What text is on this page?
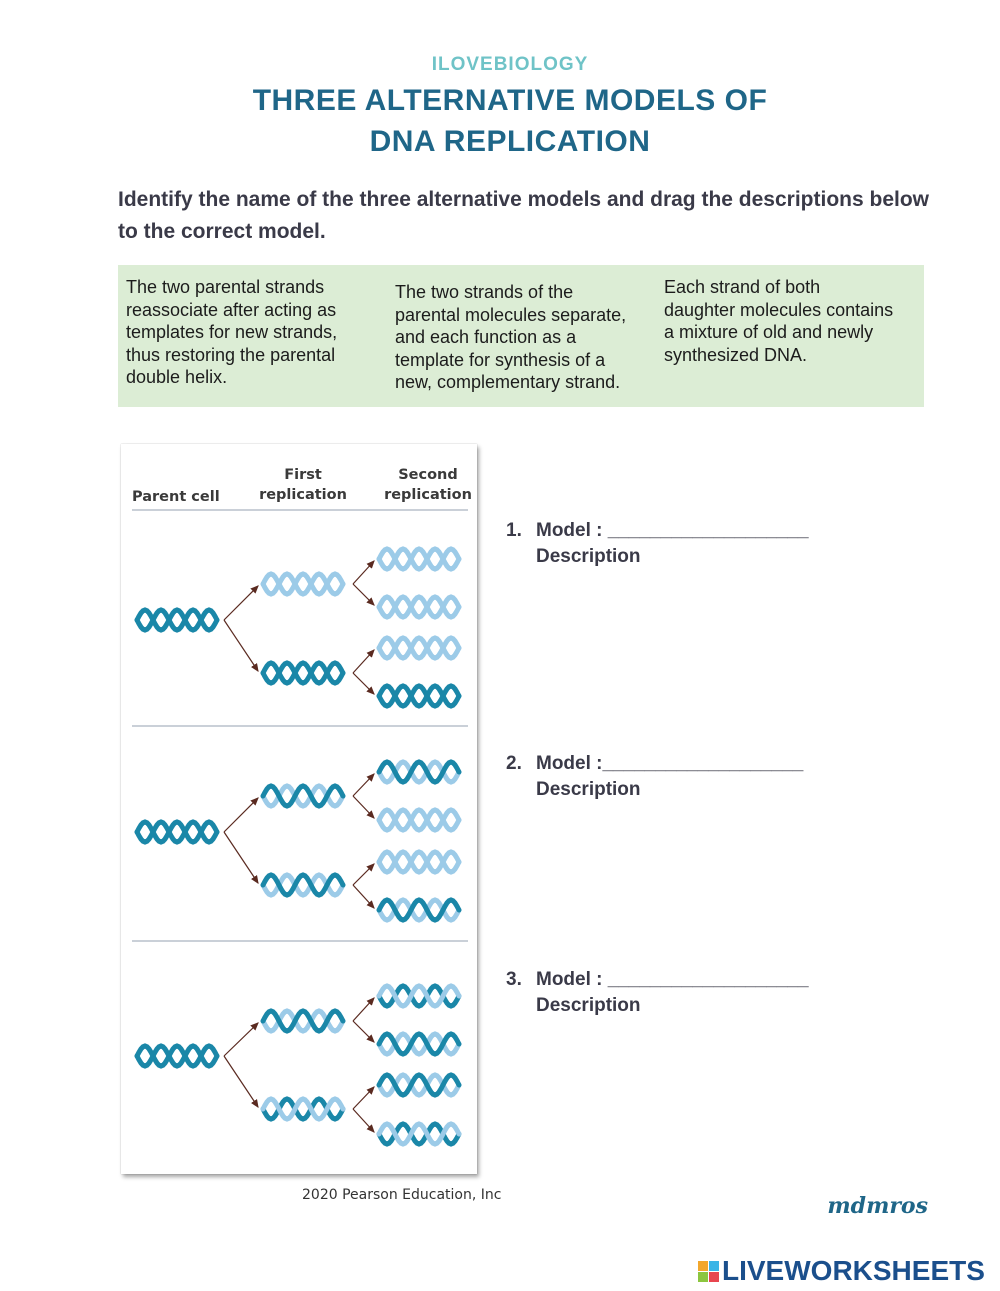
ILOVEBIOLOGY
THREE ALTERNATIVE MODELS OF
DNA REPLICATION
Identify the name of the three alternative models and drag the descriptions below to the correct model.
The two parental strands
reassociate after acting as
templates for new strands,
thus restoring the parental
double helix.
The two strands of the
parental molecules separate,
and each function as a
template for synthesis of a
new, complementary strand.
Each strand of both
daughter molecules contains
a mixture of old and newly
synthesized DNA.
Parent cell
First
replication
Second
replication
2020 Pearson Education, Inc
1. Model : ___________________
Description
2. Model :___________________
Description
3. Model : ___________________
Description
mdmros
LIVEWORKSHEETS
